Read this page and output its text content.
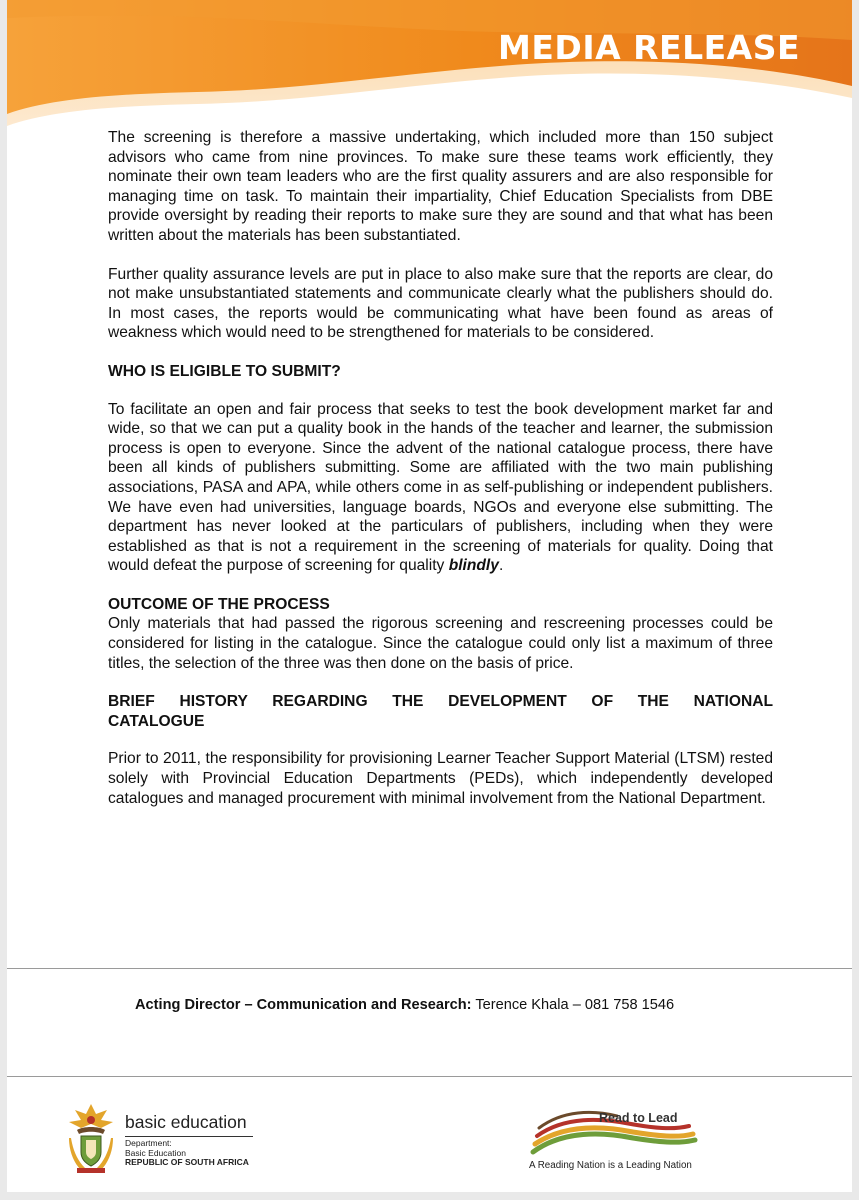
MEDIA RELEASE

The screening is therefore a massive undertaking, which included more than 150 subject advisors who came from nine provinces. To make sure these teams work efficiently, they nominate their own team leaders who are the first quality assurers and are also responsible for managing time on task. To maintain their impartiality, Chief Education Specialists from DBE provide oversight by reading their reports to make sure they are sound and that what has been written about the materials has been substantiated.

Further quality assurance levels are put in place to also make sure that the reports are clear, do not make unsubstantiated statements and communicate clearly what the publishers should do. In most cases, the reports would be communicating what have been found as areas of weakness which would need to be strengthened for materials to be considered.

WHO IS ELIGIBLE TO SUBMIT?

To facilitate an open and fair process that seeks to test the book development market far and wide, so that we can put a quality book in the hands of the teacher and learner, the submission process is open to everyone. Since the advent of the national catalogue process, there have been all kinds of publishers submitting. Some are affiliated with the two main publishing associations, PASA and APA, while others come in as self-publishing or independent publishers. We have even had universities, language boards, NGOs and everyone else submitting. The department has never looked at the particulars of publishers, including when they were established as that is not a requirement in the screening of materials for quality. Doing that would defeat the purpose of screening for quality blindly.

OUTCOME OF THE PROCESS

Only materials that had passed the rigorous screening and rescreening processes could be considered for listing in the catalogue. Since the catalogue could only list a maximum of three titles, the selection of the three was then done on the basis of price.

BRIEF HISTORY REGARDING THE DEVELOPMENT OF THE NATIONAL CATALOGUE

Prior to 2011, the responsibility for provisioning Learner Teacher Support Material (LTSM) rested solely with Provincial Education Departments (PEDs), which independently developed catalogues and managed procurement with minimal involvement from the National Department.

Acting Director – Communication and Research: Terence Khala – 081 758 1546
basic education
Department:
Basic Education
REPUBLIC OF SOUTH AFRICA
Read to Lead
A Reading Nation is a Leading Nation
